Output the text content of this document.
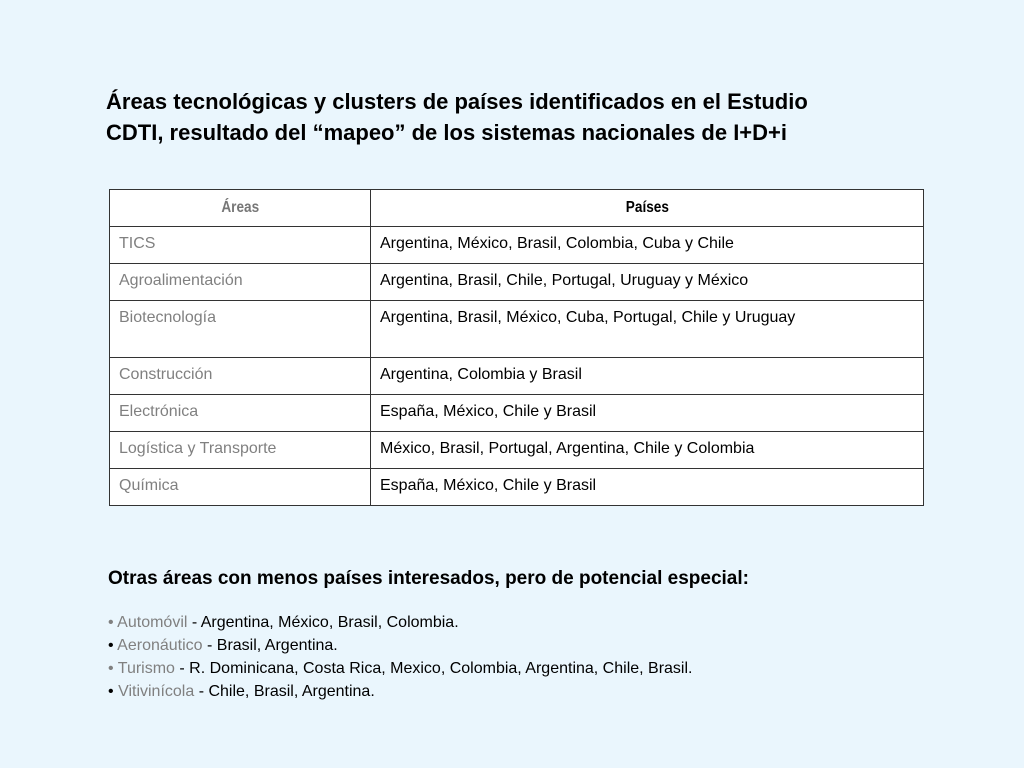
Áreas tecnológicas y clusters de países identificados en el Estudio
CDTI, resultado del “mapeo” de los sistemas nacionales de I+D+i
Áreas	Países
TICS	Argentina, México, Brasil, Colombia, Cuba y Chile
Agroalimentación	Argentina, Brasil, Chile, Portugal, Uruguay y México
Biotecnología	Argentina, Brasil, México, Cuba, Portugal, Chile y Uruguay
Construcción	Argentina, Colombia y Brasil
Electrónica	España, México, Chile y Brasil
Logística y Transporte	México, Brasil, Portugal, Argentina, Chile y Colombia
Química	España, México, Chile y Brasil
Otras áreas con menos países interesados, pero de potencial especial:
• Automóvil - Argentina, México, Brasil, Colombia.
• Aeronáutico - Brasil, Argentina.
• Turismo - R. Dominicana, Costa Rica, Mexico, Colombia, Argentina, Chile, Brasil.
• Vitivinícola - Chile, Brasil, Argentina.
